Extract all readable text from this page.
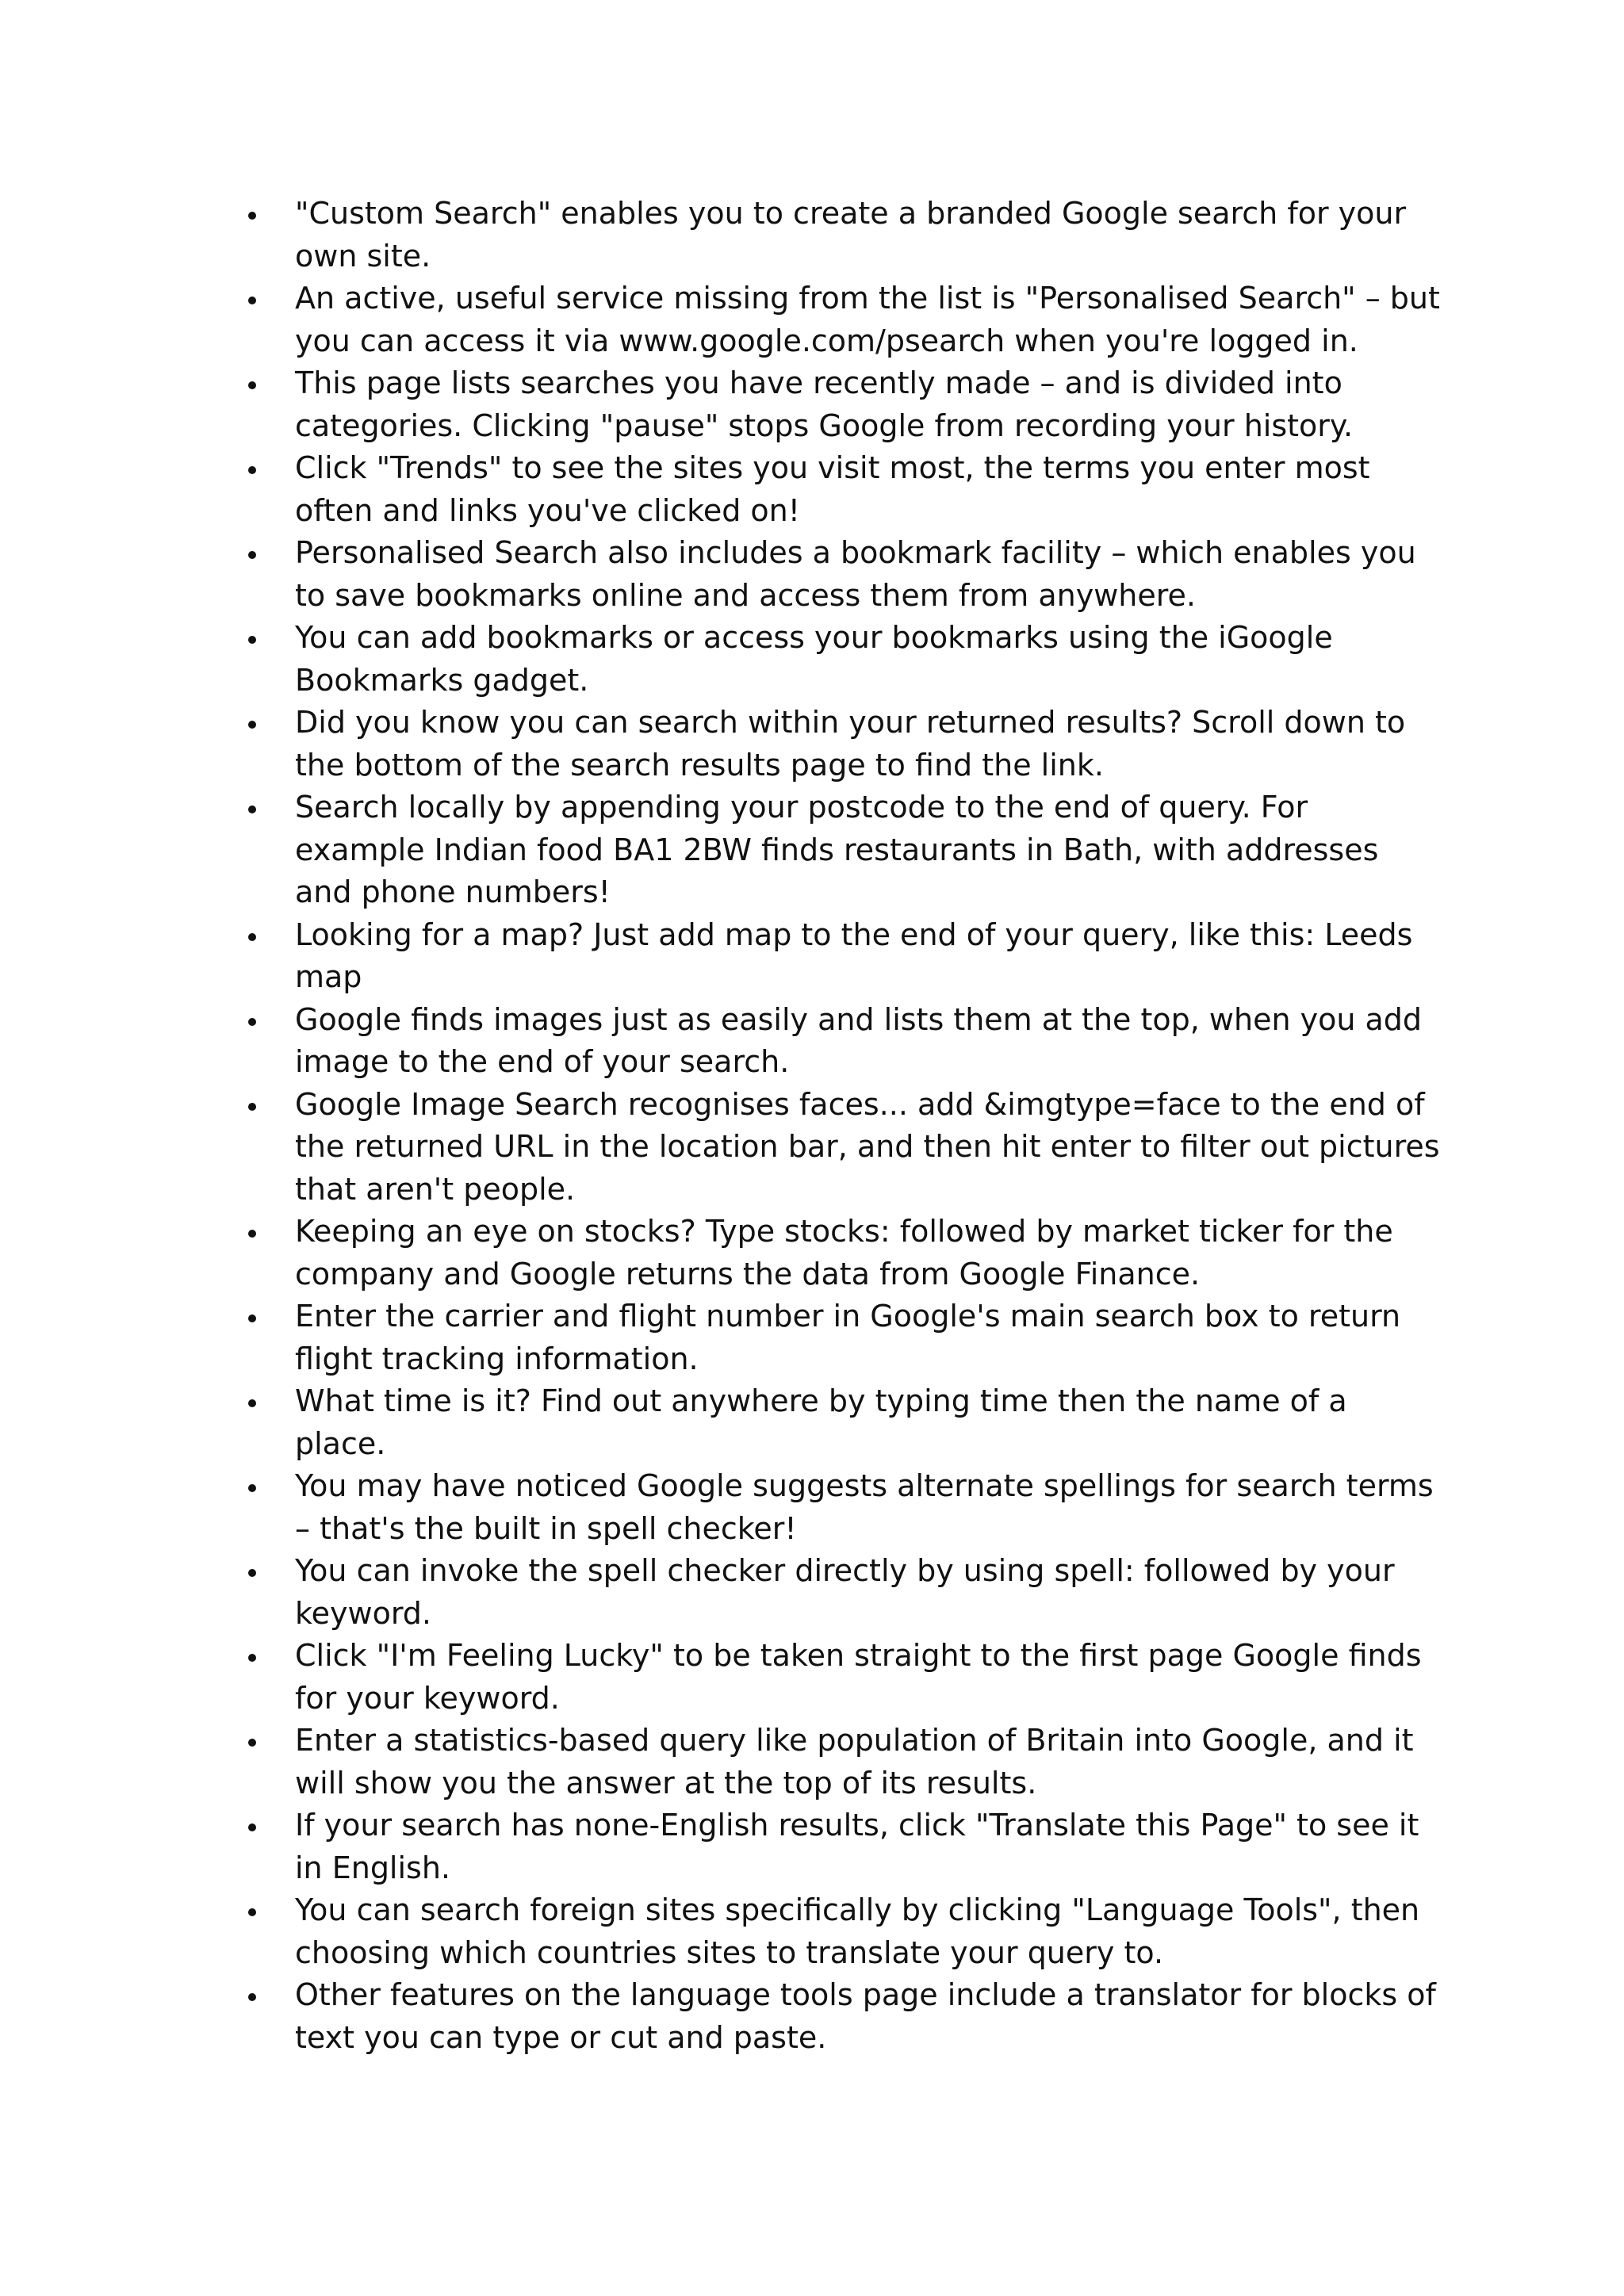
"Custom Search" enables you to create a branded Google search for your own site.
An active, useful service missing from the list is "Personalised Search" – but you can access it via www.google.com/psearch when you're logged in.
This page lists searches you have recently made – and is divided into categories. Clicking "pause" stops Google from recording your history.
Click "Trends" to see the sites you visit most, the terms you enter most often and links you've clicked on!
Personalised Search also includes a bookmark facility – which enables you to save bookmarks online and access them from anywhere.
You can add bookmarks or access your bookmarks using the iGoogle Bookmarks gadget.
Did you know you can search within your returned results? Scroll down to the bottom of the search results page to find the link.
Search locally by appending your postcode to the end of query. For example Indian food BA1 2BW finds restaurants in Bath, with addresses and phone numbers!
Looking for a map? Just add map to the end of your query, like this: Leeds map
Google finds images just as easily and lists them at the top, when you add image to the end of your search.
Google Image Search recognises faces... add &imgtype=face to the end of the returned URL in the location bar, and then hit enter to filter out pictures that aren't people.
Keeping an eye on stocks? Type stocks: followed by market ticker for the company and Google returns the data from Google Finance.
Enter the carrier and flight number in Google's main search box to return flight tracking information.
What time is it? Find out anywhere by typing time then the name of a place.
You may have noticed Google suggests alternate spellings for search terms – that's the built in spell checker!
You can invoke the spell checker directly by using spell: followed by your keyword.
Click "I'm Feeling Lucky" to be taken straight to the first page Google finds for your keyword.
Enter a statistics-based query like population of Britain into Google, and it will show you the answer at the top of its results.
If your search has none-English results, click "Translate this Page" to see it in English.
You can search foreign sites specifically by clicking "Language Tools", then choosing which countries sites to translate your query to.
Other features on the language tools page include a translator for blocks of text you can type or cut and paste.
